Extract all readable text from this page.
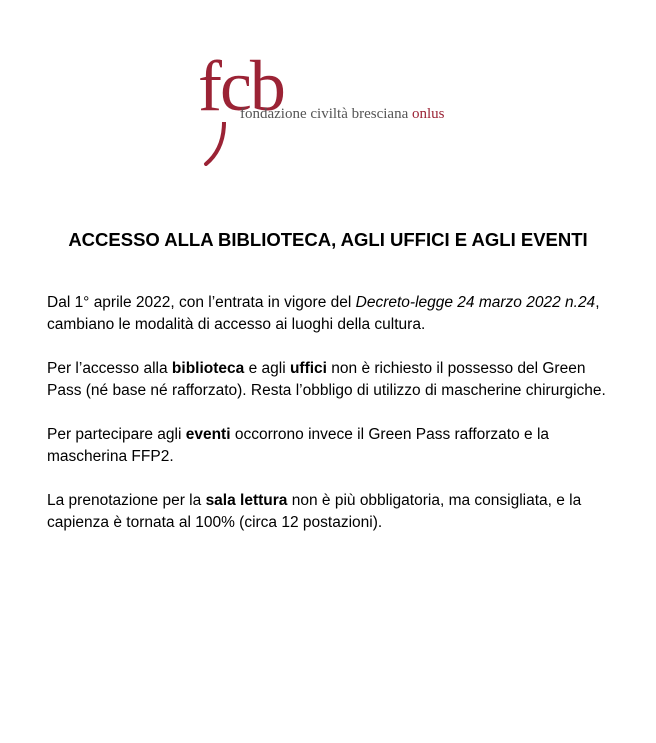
fcb
fondazione civiltà bresciana onlus
ACCESSO ALLA BIBLIOTECA, AGLI UFFICI E AGLI EVENTI

Dal 1° aprile 2022, con l’entrata in vigore del Decreto-legge 24 marzo 2022 n.24, cambiano le modalità di accesso ai luoghi della cultura.

Per l’accesso alla biblioteca e agli uffici non è richiesto il possesso del Green Pass (né base né rafforzato). Resta l’obbligo di utilizzo di mascherine chirurgiche.

Per partecipare agli eventi occorrono invece il Green Pass rafforzato e la mascherina FFP2.

La prenotazione per la sala lettura non è più obbligatoria, ma consigliata, e la capienza è tornata al 100% (circa 12 postazioni).
